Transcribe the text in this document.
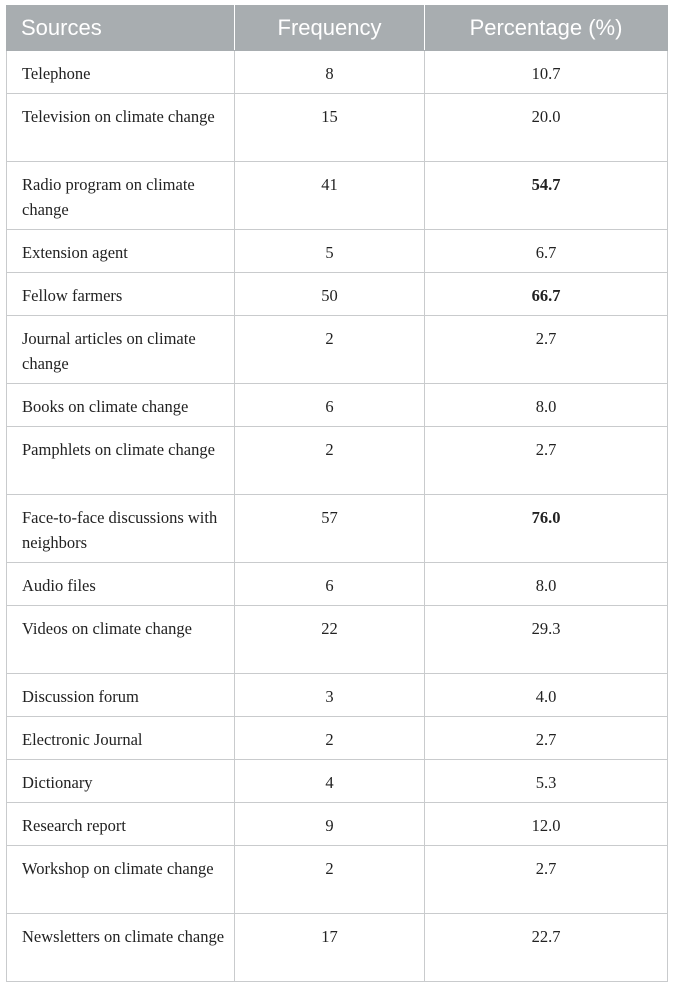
Sources	Frequency	Percentage (%)
Telephone	8	10.7
Television on climate change	15	20.0
Radio program on climate change	41	54.7
Extension agent	5	6.7
Fellow farmers	50	66.7
Journal articles on climate change	2	2.7
Books on climate change	6	8.0
Pamphlets on climate change	2	2.7
Face-to-face discussions with neighbors	57	76.0
Audio files	6	8.0
Videos on climate change	22	29.3
Discussion forum	3	4.0
Electronic Journal	2	2.7
Dictionary	4	5.3
Research report	9	12.0
Workshop on climate change	2	2.7
Newsletters on climate change	17	22.7
